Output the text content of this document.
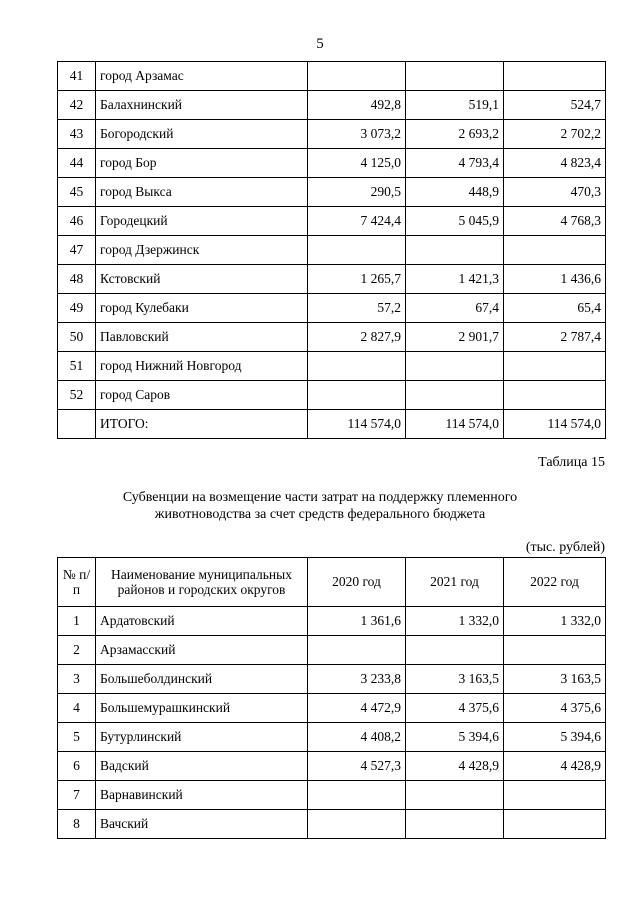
5
41	город Арзамас			
42	Балахнинский	492,8	519,1	524,7
43	Богородский	3 073,2	2 693,2	2 702,2
44	город Бор	4 125,0	4 793,4	4 823,4
45	город Выкса	290,5	448,9	470,3
46	Городецкий	7 424,4	5 045,9	4 768,3
47	город Дзержинск			
48	Кстовский	1 265,7	1 421,3	1 436,6
49	город Кулебаки	57,2	67,4	65,4
50	Павловский	2 827,9	2 901,7	2 787,4
51	город Нижний Новгород			
52	город Саров			
	ИТОГО:	114 574,0	114 574,0	114 574,0
Таблица 15
Субвенции на возмещение части затрат на поддержку племенного животноводства за счет средств федерального бюджета
(тыс. рублей)
№ п/п	Наименование муниципальных районов и городских округов	2020 год	2021 год	2022 год
1	Ардатовский	1 361,6	1 332,0	1 332,0
2	Арзамасский			
3	Большеболдинский	3 233,8	3 163,5	3 163,5
4	Большемурашкинский	4 472,9	4 375,6	4 375,6
5	Бутурлинский	4 408,2	5 394,6	5 394,6
6	Вадский	4 527,3	4 428,9	4 428,9
7	Варнавинский			
8	Вачский			
